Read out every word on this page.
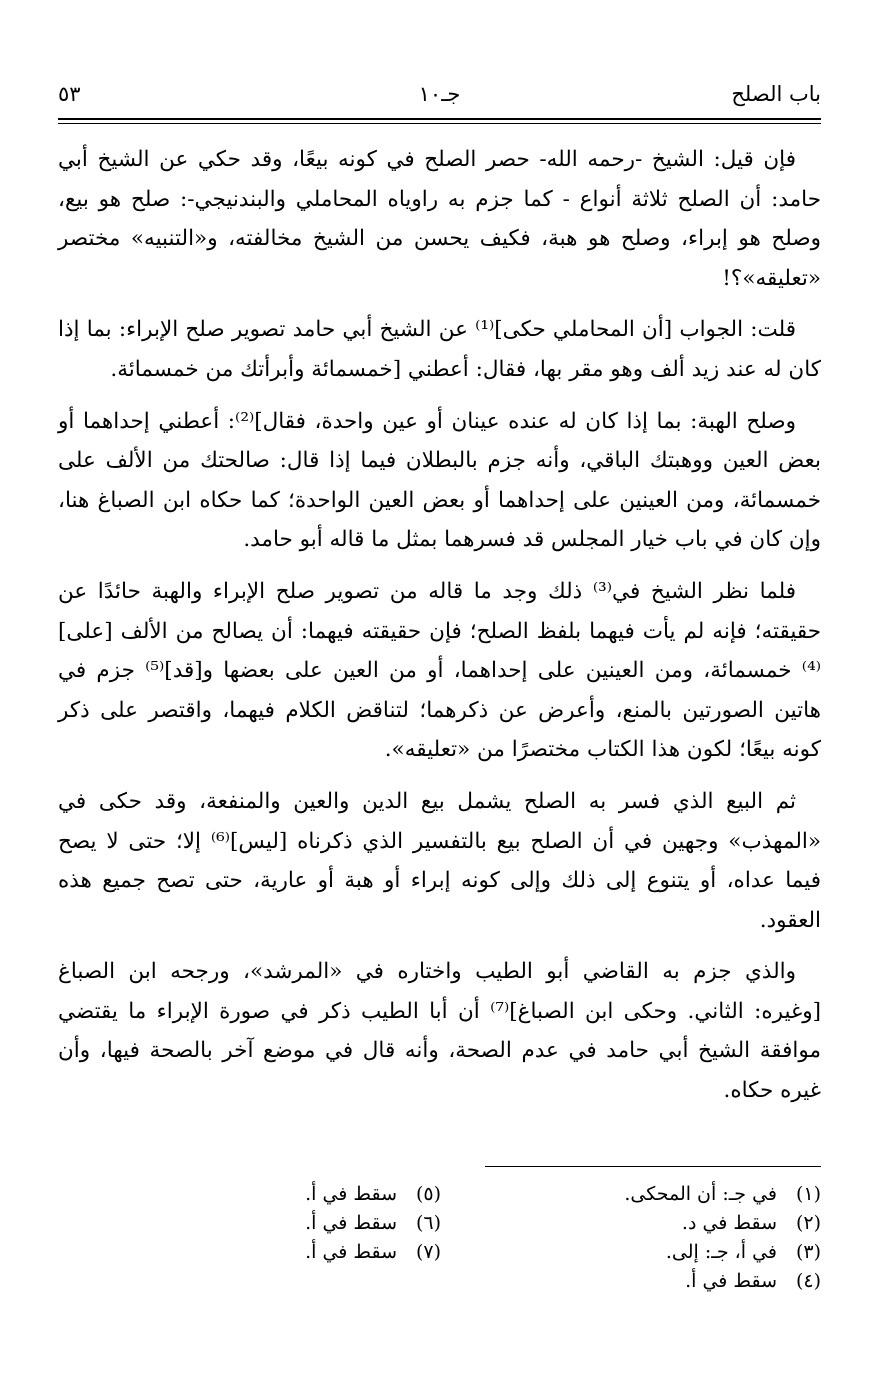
باب الصلح
جـ١٠
٥٣

فإن قيل: الشيخ -رحمه الله- حصر الصلح في كونه بيعًا، وقد حكي عن الشيخ أبي حامد: أن الصلح ثلاثة أنواع - كما جزم به راوياه المحاملي والبندنيجي-: صلح هو بيع، وصلح هو إبراء، وصلح هو هبة، فكيف يحسن من الشيخ مخالفته، و«التنبيه» مختصر «تعليقه»؟!

قلت: الجواب [أن المحاملي حكى]⁽¹⁾ عن الشيخ أبي حامد تصوير صلح الإبراء: بما إذا كان له عند زيد ألف وهو مقر بها، فقال: أعطني [خمسمائة وأبرأتك من خمسمائة.

وصلح الهبة: بما إذا كان له عنده عينان أو عين واحدة، فقال]⁽²⁾: أعطني إحداهما أو بعض العين ووهبتك الباقي، وأنه جزم بالبطلان فيما إذا قال: صالحتك من الألف على خمسمائة، ومن العينين على إحداهما أو بعض العين الواحدة؛ كما حكاه ابن الصباغ هنا، وإن كان في باب خيار المجلس قد فسرهما بمثل ما قاله أبو حامد.

فلما نظر الشيخ في⁽³⁾ ذلك وجد ما قاله من تصوير صلح الإبراء والهبة حائدًا عن حقيقته؛ فإنه لم يأت فيهما بلفظ الصلح؛ فإن حقيقته فيهما: أن يصالح من الألف [على]⁽⁴⁾ خمسمائة، ومن العينين على إحداهما، أو من العين على بعضها و[قد]⁽⁵⁾ جزم في هاتين الصورتين بالمنع، وأعرض عن ذكرهما؛ لتناقض الكلام فيهما، واقتصر على ذكر كونه بيعًا؛ لكون هذا الكتاب مختصرًا من «تعليقه».

ثم البيع الذي فسر به الصلح يشمل بيع الدين والعين والمنفعة، وقد حكى في «المهذب» وجهين في أن الصلح بيع بالتفسير الذي ذكرناه [ليس]⁽⁶⁾ إلا؛ حتى لا يصح فيما عداه، أو يتنوع إلى ذلك وإلى كونه إبراء أو هبة أو عارية، حتى تصح جميع هذه العقود.

والذي جزم به القاضي أبو الطيب واختاره في «المرشد»، ورجحه ابن الصباغ [وغيره: الثاني. وحكى ابن الصباغ]⁽⁷⁾ أن أبا الطيب ذكر في صورة الإبراء ما يقتضي موافقة الشيخ أبي حامد في عدم الصحة، وأنه قال في موضع آخر بالصحة فيها، وأن غيره حكاه.

(١)في جـ: أن المحكى.
(٢)سقط في د.
(٣)في أ، جـ: إلى.
(٤)سقط في أ.
(٥)سقط في أ.
(٦)سقط في أ.
(٧)سقط في أ.
